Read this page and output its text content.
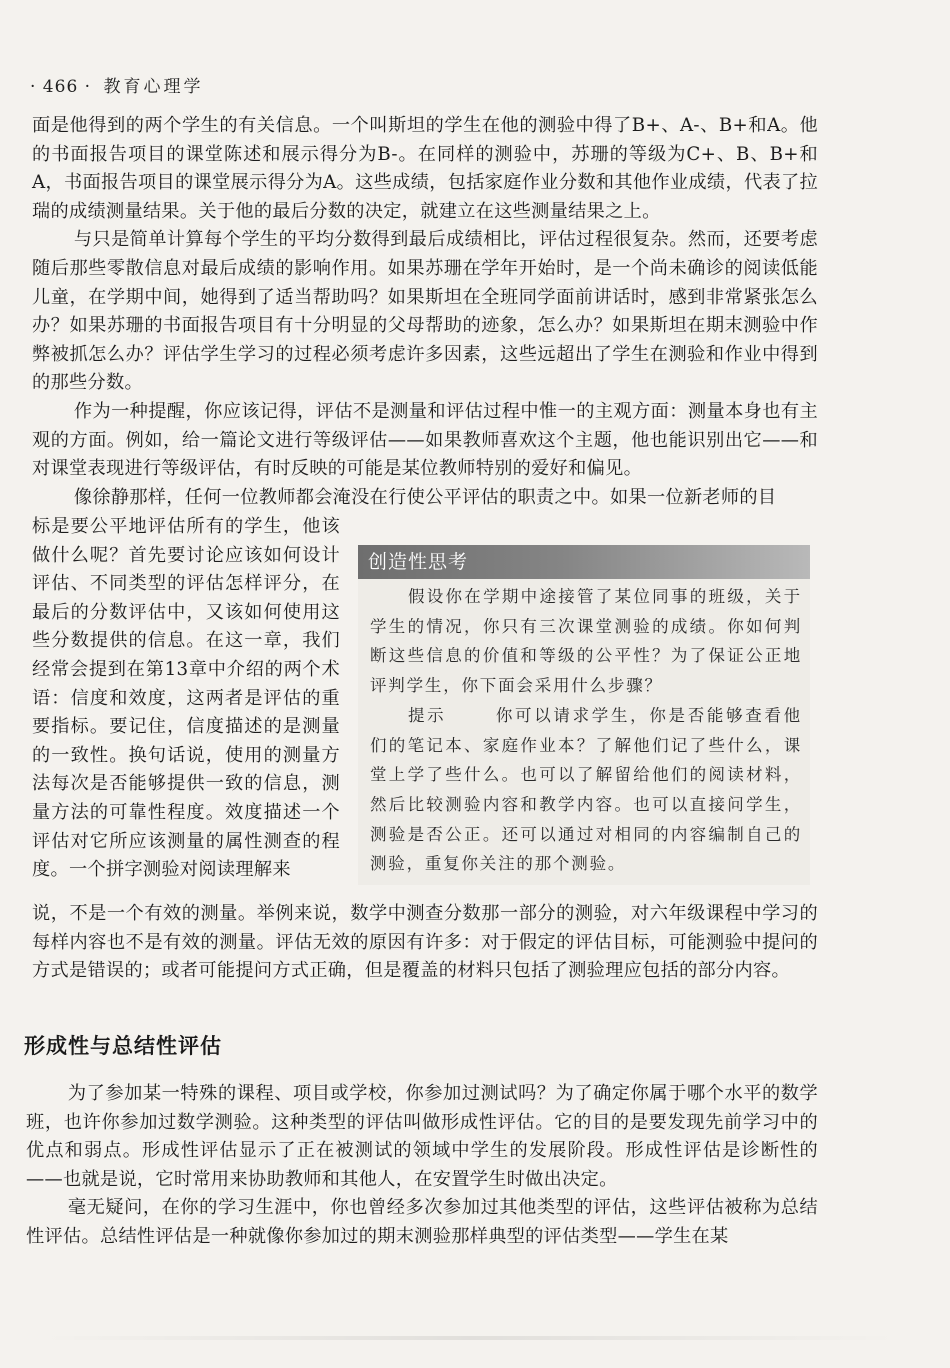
· 466 · 教育心理学

面是他得到的两个学生的有关信息。一个叫斯坦的学生在他的测验中得了B+、A-、B+和A。他的书面报告项目的课堂陈述和展示得分为B-。在同样的测验中，苏珊的等级为C+、B、B+和A，书面报告项目的课堂展示得分为A。这些成绩，包括家庭作业分数和其他作业成绩，代表了拉瑞的成绩测量结果。关于他的最后分数的决定，就建立在这些测量结果之上。

与只是简单计算每个学生的平均分数得到最后成绩相比，评估过程很复杂。然而，还要考虑随后那些零散信息对最后成绩的影响作用。如果苏珊在学年开始时，是一个尚未确诊的阅读低能儿童，在学期中间，她得到了适当帮助吗？如果斯坦在全班同学面前讲话时，感到非常紧张怎么办？如果苏珊的书面报告项目有十分明显的父母帮助的迹象，怎么办？如果斯坦在期末测验中作弊被抓怎么办？评估学生学习的过程必须考虑许多因素，这些远超出了学生在测验和作业中得到的那些分数。

作为一种提醒，你应该记得，评估不是测量和评估过程中惟一的主观方面：测量本身也有主观的方面。例如，给一篇论文进行等级评估——如果教师喜欢这个主题，他也能识别出它——和对课堂表现进行等级评估，有时反映的可能是某位教师特别的爱好和偏见。

像徐静那样，任何一位教师都会淹没在行使公平评估的职责之中。如果一位新老师的目

标是要公平地评估所有的学生，他该做什么呢？首先要讨论应该如何设计评估、不同类型的评估怎样评分，在最后的分数评估中，又该如何使用这些分数提供的信息。在这一章，我们经常会提到在第13章中介绍的两个术语：信度和效度，这两者是评估的重要指标。要记住，信度描述的是测量的一致性。换句话说，使用的测量方法每次是否能够提供一致的信息，测量方法的可靠性程度。效度描述一个评估对它所应该测量的属性测查的程度。一个拼字测验对阅读理解来

创造性思考

假设你在学期中途接管了某位同事的班级，关于学生的情况，你只有三次课堂测验的成绩。你如何判断这些信息的价值和等级的公平性？为了保证公正地评判学生，你下面会采用什么步骤？

提示	你可以请求学生，你是否能够查看他们的笔记本、家庭作业本？了解他们记了些什么，课堂上学了些什么。也可以了解留给他们的阅读材料，然后比较测验内容和教学内容。也可以直接问学生，测验是否公正。还可以通过对相同的内容编制自己的测验，重复你关注的那个测验。

说，不是一个有效的测量。举例来说，数学中测查分数那一部分的测验，对六年级课程中学习的每样内容也不是有效的测量。评估无效的原因有许多：对于假定的评估目标，可能测验中提问的方式是错误的；或者可能提问方式正确，但是覆盖的材料只包括了测验理应包括的部分内容。

形成性与总结性评估

为了参加某一特殊的课程、项目或学校，你参加过测试吗？为了确定你属于哪个水平的数学班，也许你参加过数学测验。这种类型的评估叫做形成性评估。它的目的是要发现先前学习中的优点和弱点。形成性评估显示了正在被测试的领域中学生的发展阶段。形成性评估是诊断性的——也就是说，它时常用来协助教师和其他人，在安置学生时做出决定。

毫无疑问，在你的学习生涯中，你也曾经多次参加过其他类型的评估，这些评估被称为总结性评估。总结性评估是一种就像你参加过的期末测验那样典型的评估类型——学生在某
